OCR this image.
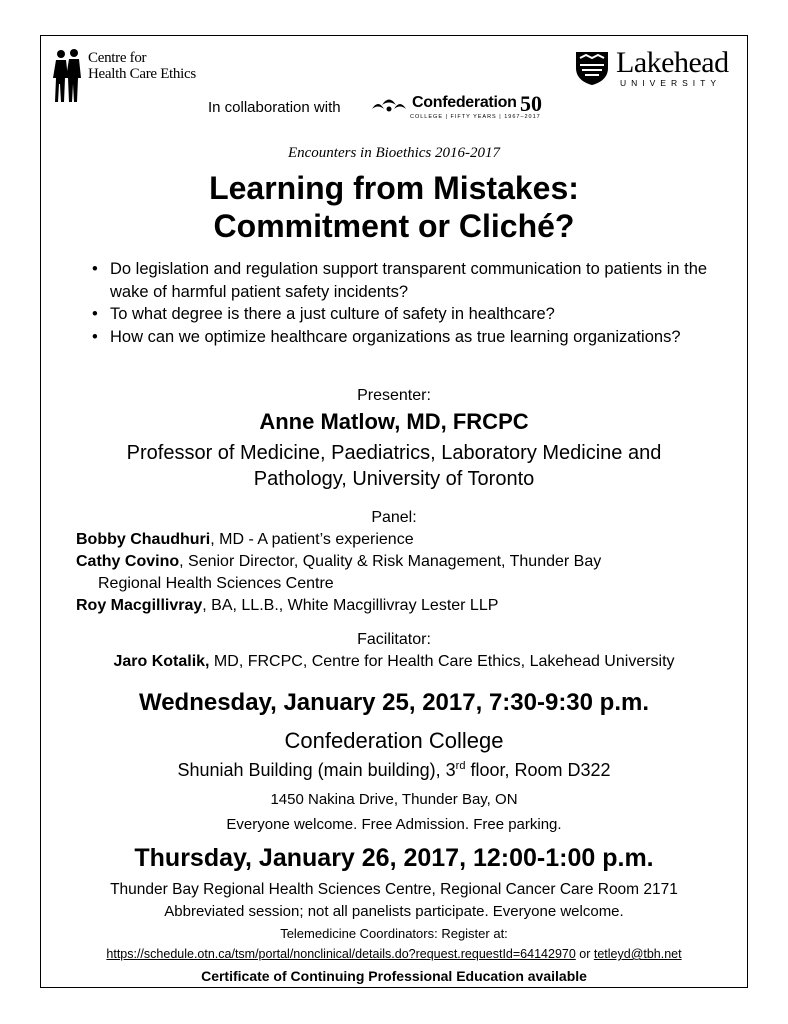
Centre for
Health Care Ethics	Lakehead
UNIVERSITY
In collaboration with	Confederation 50
COLLEGE | FIFTY YEARS | 1967–2017
Encounters in Bioethics 2016-2017
Learning from Mistakes:
Commitment or Cliché?
• Do legislation and regulation support transparent communication to patients in the wake of harmful patient safety incidents?
• To what degree is there a just culture of safety in healthcare?
• How can we optimize healthcare organizations as true learning organizations?
Presenter:
Anne Matlow, MD, FRCPC
Professor of Medicine, Paediatrics, Laboratory Medicine and
Pathology, University of Toronto
Panel:
Bobby Chaudhuri, MD - A patient’s experience
Cathy Covino, Senior Director, Quality & Risk Management, Thunder Bay
Regional Health Sciences Centre
Roy Macgillivray, BA, LL.B., White Macgillivray Lester LLP
Facilitator:
Jaro Kotalik, MD, FRCPC, Centre for Health Care Ethics, Lakehead University
Wednesday, January 25, 2017, 7:30-9:30 p.m.
Confederation College
Shuniah Building (main building), 3rd floor, Room D322
1450 Nakina Drive, Thunder Bay, ON
Everyone welcome. Free Admission. Free parking.
Thursday, January 26, 2017, 12:00-1:00 p.m.
Thunder Bay Regional Health Sciences Centre, Regional Cancer Care Room 2171
Abbreviated session; not all panelists participate. Everyone welcome.
Telemedicine Coordinators: Register at:
https://schedule.otn.ca/tsm/portal/nonclinical/details.do?request.requestId=64142970 or tetleyd@tbh.net
Certificate of Continuing Professional Education available
